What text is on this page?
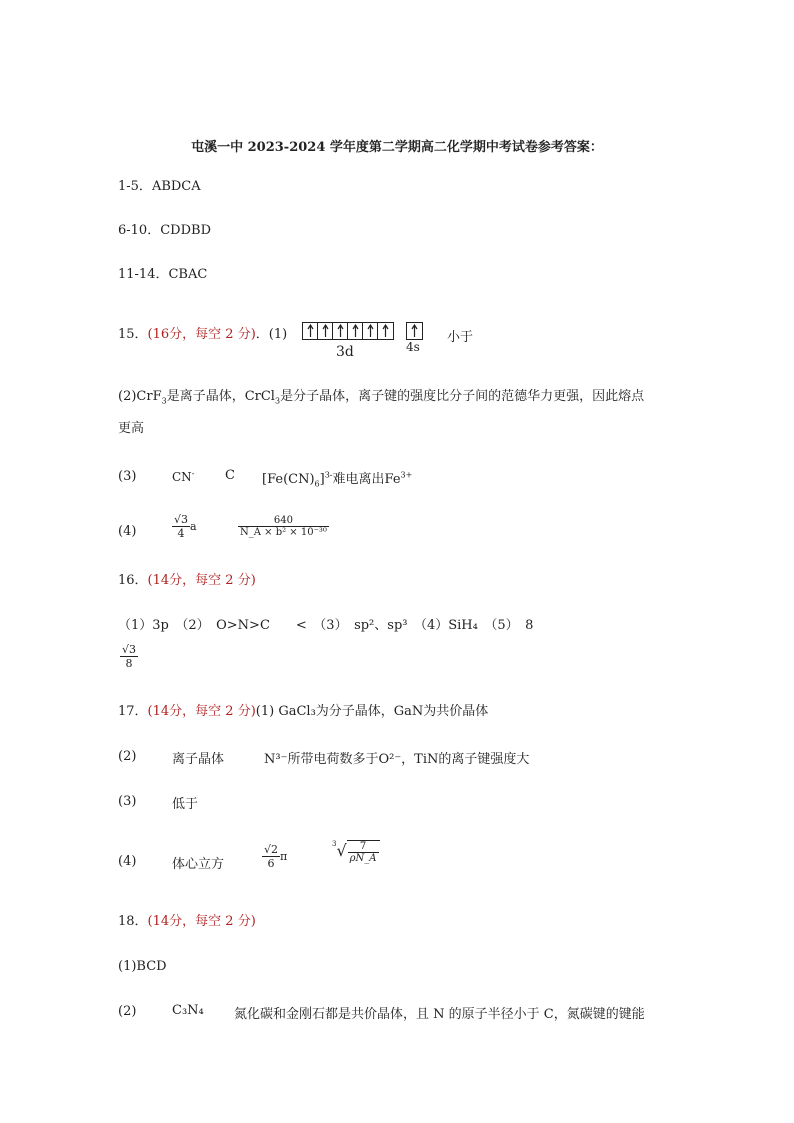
屯溪一中 2023-2024 学年度第二学期高二化学期中考试卷参考答案：
1-5．ABDCA
6-10．CDDBD
11-14．CBAC
15．(16分，每空 2 分)．(1)
3d	4s
小于
(2)CrF$_3$是离子晶体，CrCl$_3$是分子晶体，离子键的强度比分子间的范德华力更强，因此熔点
更高
(3)	CN- C $[Fe(CN)_6]^{3-}$难电离出$Fe^{3+}$
(4)	$\frac{√3}{4}$ a	$\frac{640}{\text{N\_A × b² × 10⁻³⁰}}$
16．(14分，每空 2 分)
（1）3p　（2）　O>N>C　　<　（3）　sp²、sp³　（4）SiH₄　（5）　8
$\frac{√3}{8}$
17．(14分，每空 2 分)(1) GaCl₃为分子晶体，GaN为共价晶体
(2)	离子晶体	N³⁻所带电荷数多于O²⁻，TiN的离子键强度大
(3)	低于
(4)	体心立方	$\frac{√2}{6}$ π
$^3√ \frac{7}{\rho N\_A}$
18．(14分，每空 2 分)
(1)BCD
(2)	C₃N₄ 氮化碳和金刚石都是共价晶体，且 N 的原子半径小于 C，氮碳键的键能
